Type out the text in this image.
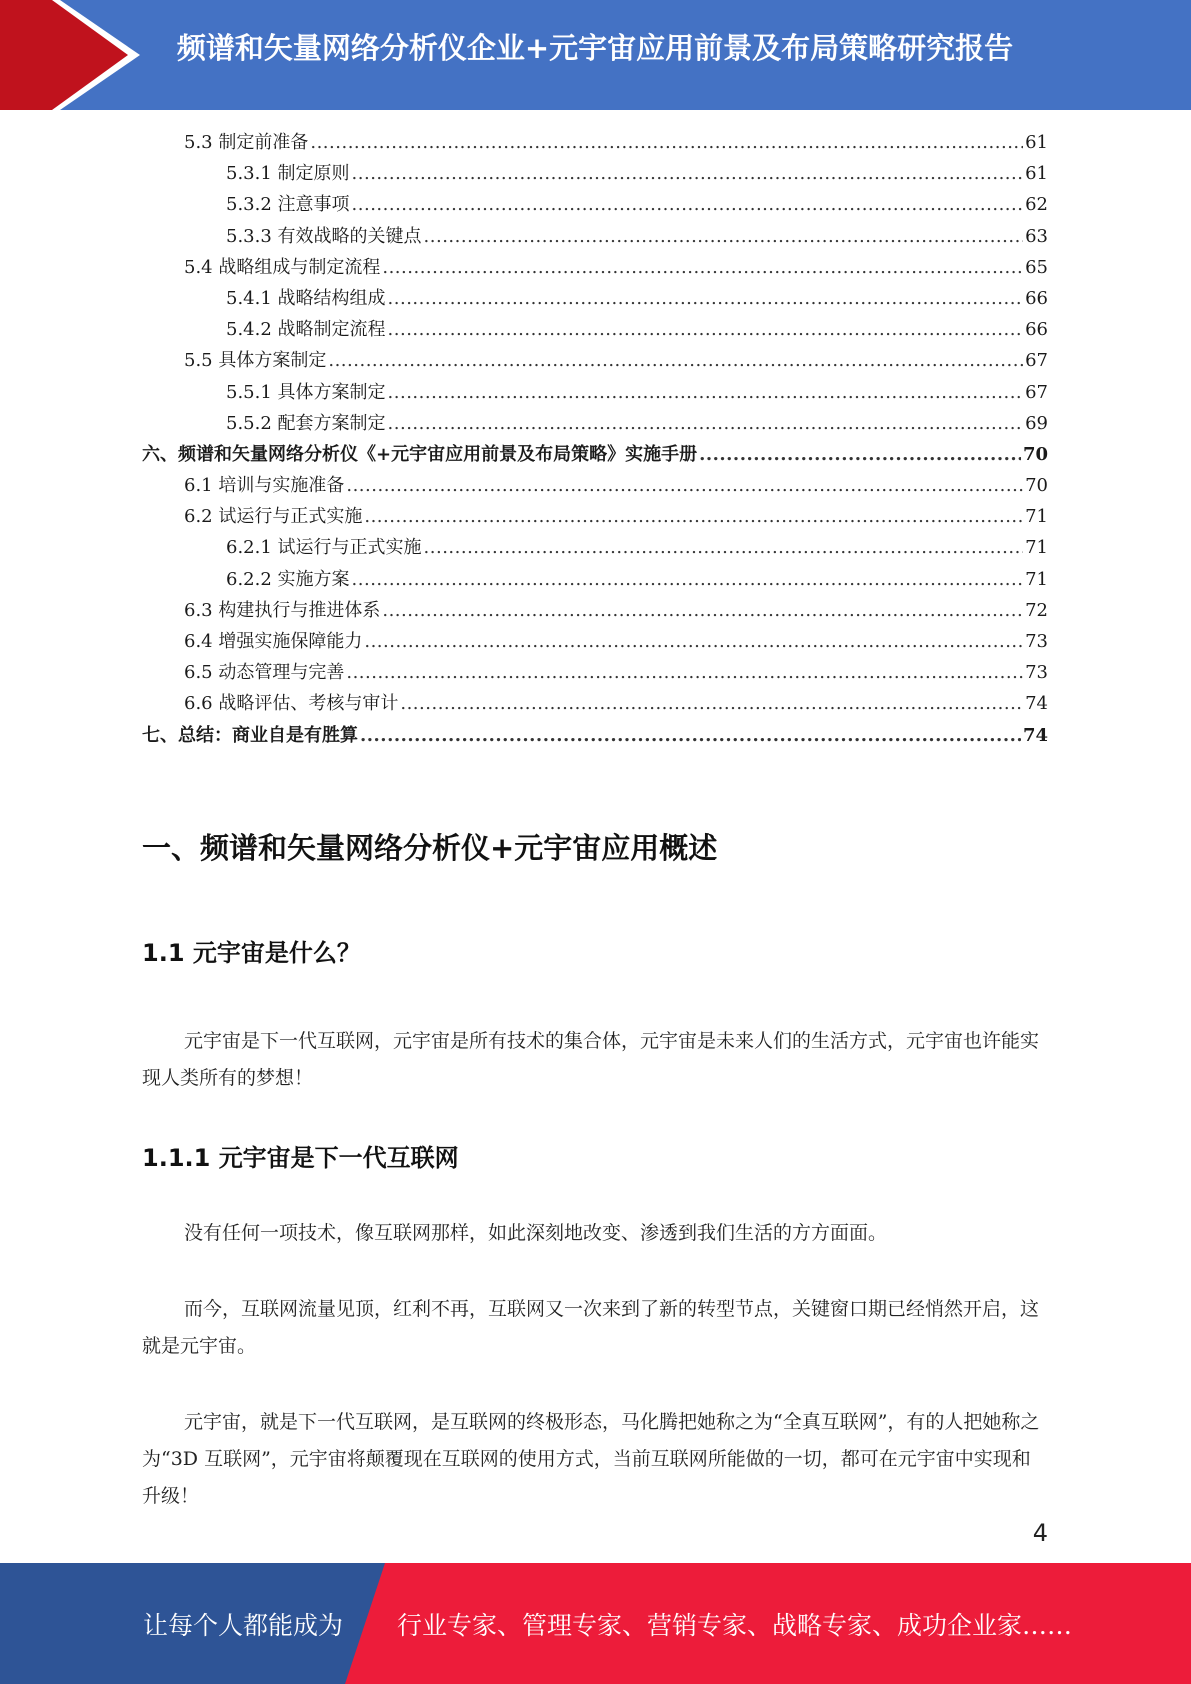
频谱和矢量网络分析仪企业+元宇宙应用前景及布局策略研究报告
5.3 制定前准备 .....	61
5.3.1 制定原则 .....	61
5.3.2 注意事项 .....	62
5.3.3 有效战略的关键点 .....	63
5.4 战略组成与制定流程 .....	65
5.4.1 战略结构组成 .....	66
5.4.2 战略制定流程 .....	66
5.5 具体方案制定 .....	67
5.5.1 具体方案制定 .....	67
5.5.2 配套方案制定 .....	69
六、频谱和矢量网络分析仪《+元宇宙应用前景及布局策略》实施手册 .....	70
6.1 培训与实施准备 .....	70
6.2 试运行与正式实施 .....	71
6.2.1 试运行与正式实施 .....	71
6.2.2 实施方案 .....	71
6.3 构建执行与推进体系 .....	72
6.4 增强实施保障能力 .....	73
6.5 动态管理与完善 .....	73
6.6 战略评估、考核与审计 .....	74
七、总结：商业自是有胜算 .....	74
一、频谱和矢量网络分析仪+元宇宙应用概述
1.1 元宇宙是什么？
元宇宙是下一代互联网，元宇宙是所有技术的集合体，元宇宙是未来人们的生活方式，元宇宙也许能实现人类所有的梦想！
1.1.1 元宇宙是下一代互联网
没有任何一项技术，像互联网那样，如此深刻地改变、渗透到我们生活的方方面面。
而今，互联网流量见顶，红利不再，互联网又一次来到了新的转型节点，关键窗口期已经悄然开启，这就是元宇宙。
元宇宙，就是下一代互联网，是互联网的终极形态，马化腾把她称之为“全真互联网”，有的人把她称之为“3D 互联网”，元宇宙将颠覆现在互联网的使用方式，当前互联网所能做的一切，都可在元宇宙中实现和升级！
4
让每个人都能成为 行业专家、管理专家、营销专家、战略专家、成功企业家……
